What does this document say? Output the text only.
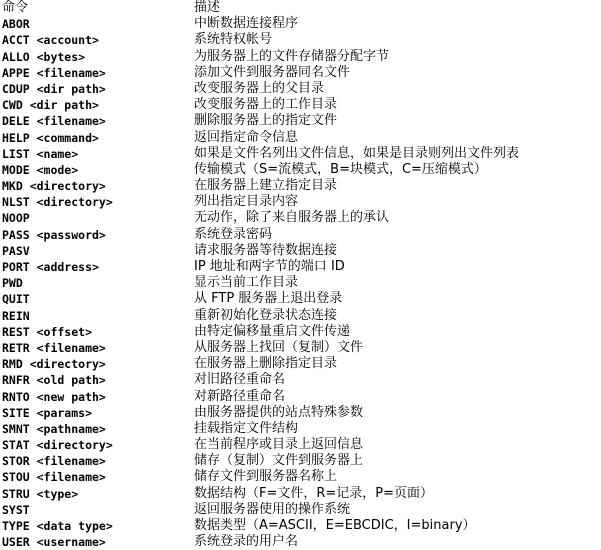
命令	描述
ABOR	中断数据连接程序
ACCT <account>	系统特权帐号
ALLO <bytes>	为服务器上的文件存储器分配字节
APPE <filename>	添加文件到服务器同名文件
CDUP <dir path>	改变服务器上的父目录
CWD <dir path>	改变服务器上的工作目录
DELE <filename>	删除服务器上的指定文件
HELP <command>	返回指定命令信息
LIST <name>	如果是文件名列出文件信息，如果是目录则列出文件列表
MODE <mode>	传输模式（S=流模式，B=块模式，C=压缩模式）
MKD <directory>	在服务器上建立指定目录
NLST <directory>	列出指定目录内容
NOOP	无动作，除了来自服务器上的承认
PASS <password>	系统登录密码
PASV	请求服务器等待数据连接
PORT <address>	IP 地址和两字节的端口 ID
PWD	显示当前工作目录
QUIT	从 FTP 服务器上退出登录
REIN	重新初始化登录状态连接
REST <offset>	由特定偏移量重启文件传递
RETR <filename>	从服务器上找回（复制）文件
RMD <directory>	在服务器上删除指定目录
RNFR <old path>	对旧路径重命名
RNTO <new path>	对新路径重命名
SITE <params>	由服务器提供的站点特殊参数
SMNT <pathname>	挂载指定文件结构
STAT <directory>	在当前程序或目录上返回信息
STOR <filename>	储存（复制）文件到服务器上
STOU <filename>	储存文件到服务器名称上
STRU <type>	数据结构（F=文件，R=记录，P=页面）
SYST	返回服务器使用的操作系统
TYPE <data type>	数据类型（A=ASCII，E=EBCDIC，I=binary）
USER <username>	系统登录的用户名
